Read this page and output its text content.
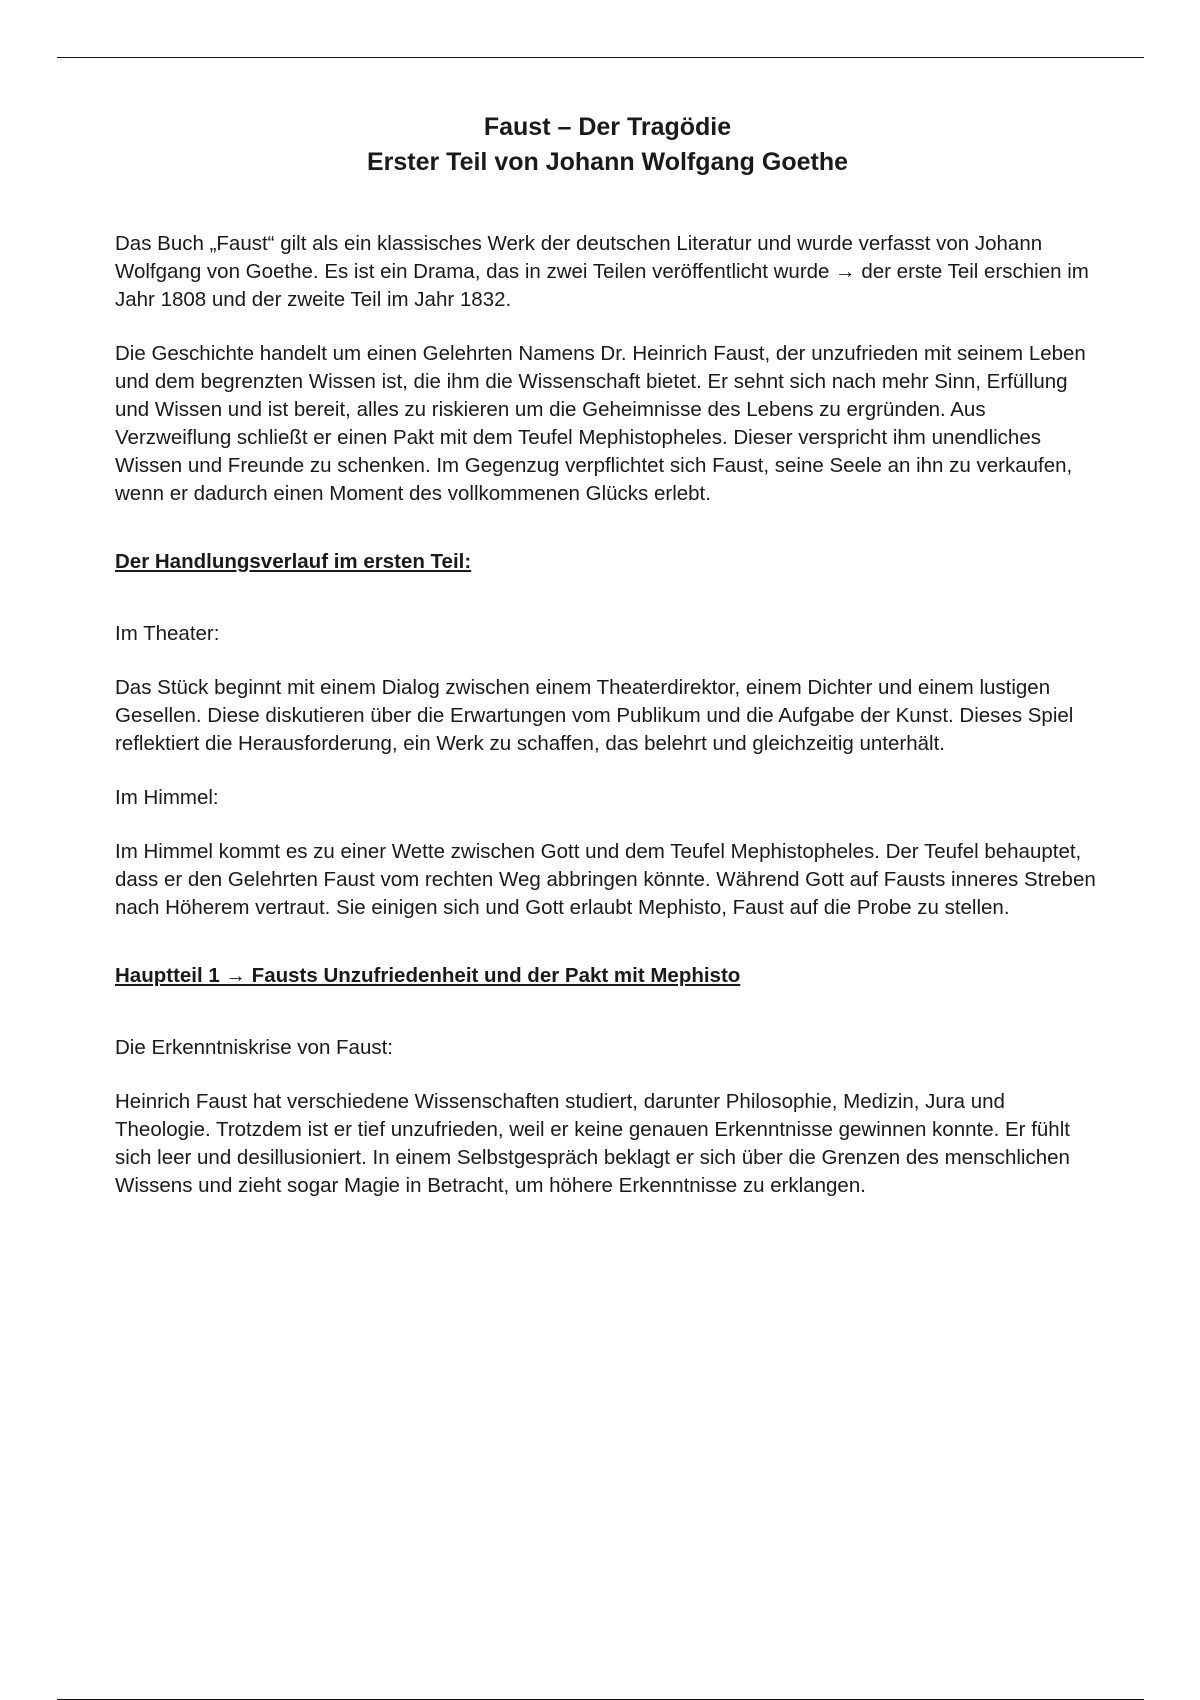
Faust – Der Tragödie
Erster Teil von Johann Wolfgang Goethe

Das Buch „Faust“ gilt als ein klassisches Werk der deutschen Literatur und wurde verfasst von Johann Wolfgang von Goethe. Es ist ein Drama, das in zwei Teilen veröffentlicht wurde → der erste Teil erschien im Jahr 1808 und der zweite Teil im Jahr 1832.

Die Geschichte handelt um einen Gelehrten Namens Dr. Heinrich Faust, der unzufrieden mit seinem Leben und dem begrenzten Wissen ist, die ihm die Wissenschaft bietet. Er sehnt sich nach mehr Sinn, Erfüllung und Wissen und ist bereit, alles zu riskieren um die Geheimnisse des Lebens zu ergründen. Aus Verzweiflung schließt er einen Pakt mit dem Teufel Mephistopheles. Dieser verspricht ihm unendliches Wissen und Freunde zu schenken. Im Gegenzug verpflichtet sich Faust, seine Seele an ihn zu verkaufen, wenn er dadurch einen Moment des vollkommenen Glücks erlebt.

Der Handlungsverlauf im ersten Teil:

Im Theater:

Das Stück beginnt mit einem Dialog zwischen einem Theaterdirektor, einem Dichter und einem lustigen Gesellen. Diese diskutieren über die Erwartungen vom Publikum und die Aufgabe der Kunst. Dieses Spiel reflektiert die Herausforderung, ein Werk zu schaffen, das belehrt und gleichzeitig unterhält.

Im Himmel:

Im Himmel kommt es zu einer Wette zwischen Gott und dem Teufel Mephistopheles. Der Teufel behauptet, dass er den Gelehrten Faust vom rechten Weg abbringen könnte. Während Gott auf Fausts inneres Streben nach Höherem vertraut. Sie einigen sich und Gott erlaubt Mephisto, Faust auf die Probe zu stellen.

Hauptteil 1 → Fausts Unzufriedenheit und der Pakt mit Mephisto

Die Erkenntniskrise von Faust:

Heinrich Faust hat verschiedene Wissenschaften studiert, darunter Philosophie, Medizin, Jura und Theologie. Trotzdem ist er tief unzufrieden, weil er keine genauen Erkenntnisse gewinnen konnte. Er fühlt sich leer und desillusioniert. In einem Selbstgespräch beklagt er sich über die Grenzen des menschlichen Wissens und zieht sogar Magie in Betracht, um höhere Erkenntnisse zu erklangen.
